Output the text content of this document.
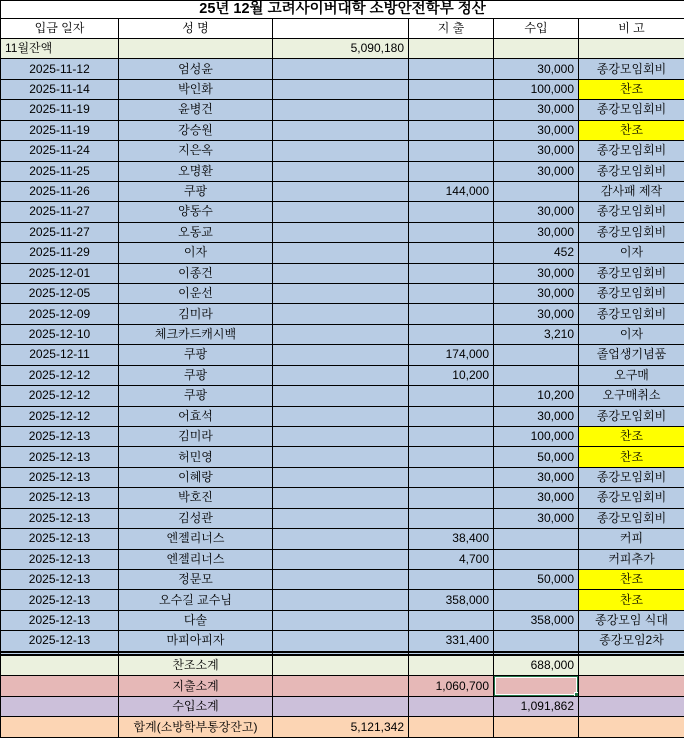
25년 12월 고려사이버대학 소방안전학부 정산					
입금 일자	성 명		지 출	수입	비 고
11월잔액		5,090,180			
2025-11-12	엄성윤			30,000	종강모임회비
2025-11-14	박인화			100,000	찬조
2025-11-19	윤병건			30,000	종강모임회비
2025-11-19	강승원			30,000	찬조
2025-11-24	지은옥			30,000	종강모임회비
2025-11-25	오명환			30,000	종강모임회비
2025-11-26	쿠팡		144,000		감사패 제작
2025-11-27	양동수			30,000	종강모임회비
2025-11-27	오동교			30,000	종강모임회비
2025-11-29	이자			452	이자
2025-12-01	이종건			30,000	종강모임회비
2025-12-05	이운선			30,000	종강모임회비
2025-12-09	김미라			30,000	종강모임회비
2025-12-10	체크카드캐시백			3,210	이자
2025-12-11	쿠팡		174,000		졸업생기념품
2025-12-12	쿠팡		10,200		오구매
2025-12-12	쿠팡			10,200	오구매취소
2025-12-12	어효석			30,000	종강모임회비
2025-12-13	김미라			100,000	찬조
2025-12-13	허민영			50,000	찬조
2025-12-13	이혜랑			30,000	종강모임회비
2025-12-13	박호진			30,000	종강모임회비
2025-12-13	김성관			30,000	종강모임회비
2025-12-13	엔젤리너스		38,400		커피
2025-12-13	엔젤리너스		4,700		커피추가
2025-12-13	정문모			50,000	찬조
2025-12-13	오수길 교수님		358,000		찬조
2025-12-13	다솔			358,000	종강모임 식대
2025-12-13	마피아피자		331,400		종강모임2차

	찬조소계			688,000	
	지출소계		1,060,700	

	수입소계			1,091,862	
	합계(소방학부통장잔고)	5,121,342			
